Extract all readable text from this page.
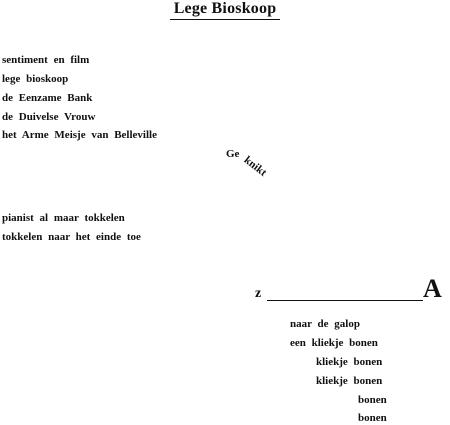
Lege Bioskoop
sentiment en film
lege bioskoop
de Eenzame Bank
de Duivelse Vrouw
het Arme Meisje van Belleville
Ge knikt
pianist al maar tokkelen
tokkelen naar het einde toe
z	A
naar de galop
een kliekje bonen
kliekje bonen
kliekje bonen
bonen
bonen
